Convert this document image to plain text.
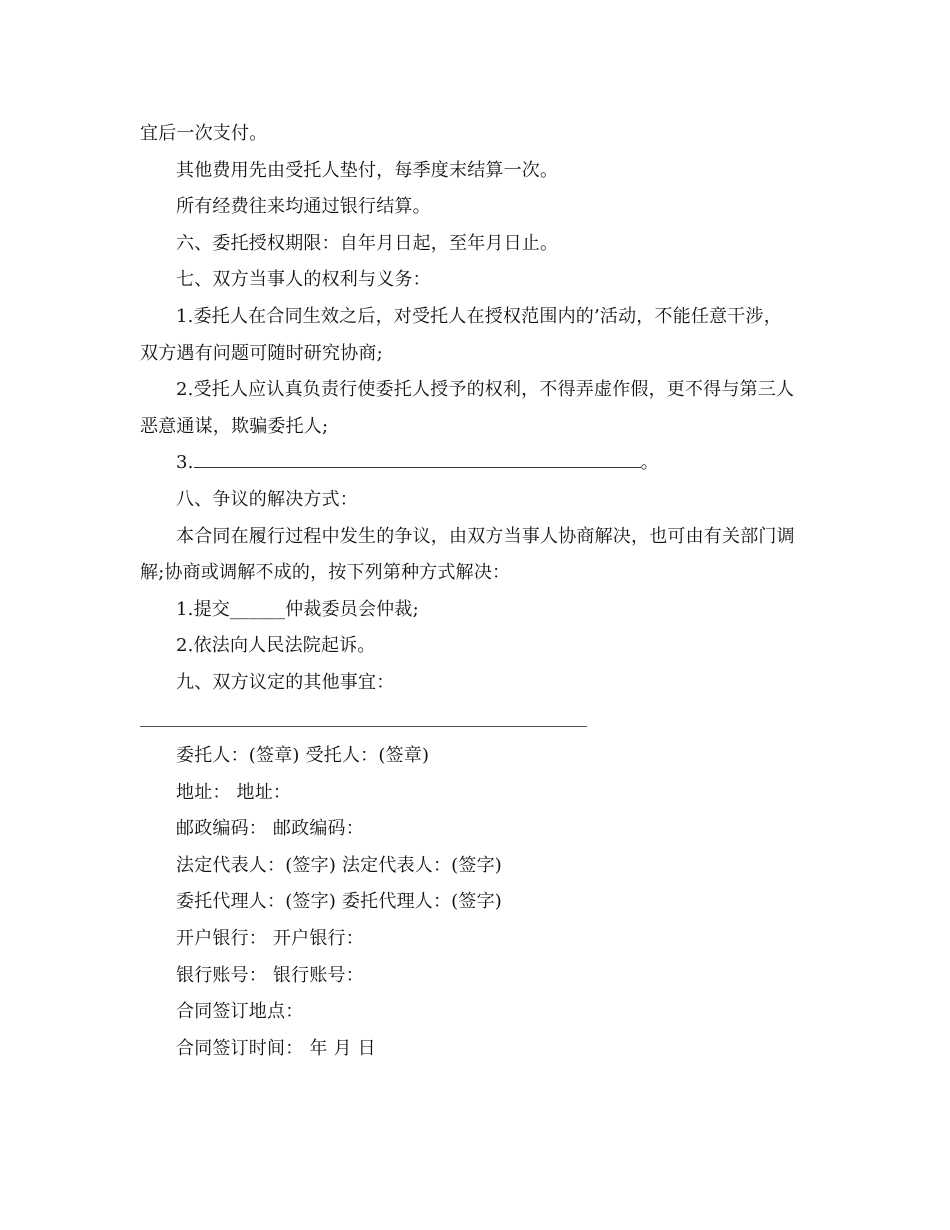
宜后一次支付。
其他费用先由受托人垫付，每季度末结算一次。
所有经费往来均通过银行结算。
六、委托授权期限：自年月日起，至年月日止。
七、双方当事人的权利与义务：
1.委托人在合同生效之后，对受托人在授权范围内的’活动，不能任意干涉，
双方遇有问题可随时研究协商;
2.受托人应认真负责行使委托人授予的权利，不得弄虚作假，更不得与第三人
恶意通谋，欺骗委托人;
3.	。
八、争议的解决方式：
本合同在履行过程中发生的争议，由双方当事人协商解决，也可由有关部门调
解;协商或调解不成的，按下列第种方式解决：
1.提交______仲裁委员会仲裁;
2.依法向人民法院起诉。
九、双方议定的其他事宜：
委托人：(签章) 受托人：(签章)
地址： 地址：
邮政编码： 邮政编码：
法定代表人：(签字) 法定代表人：(签字)
委托代理人：(签字) 委托代理人：(签字)
开户银行： 开户银行：
银行账号： 银行账号：
合同签订地点：
合同签订时间： 年 月 日
